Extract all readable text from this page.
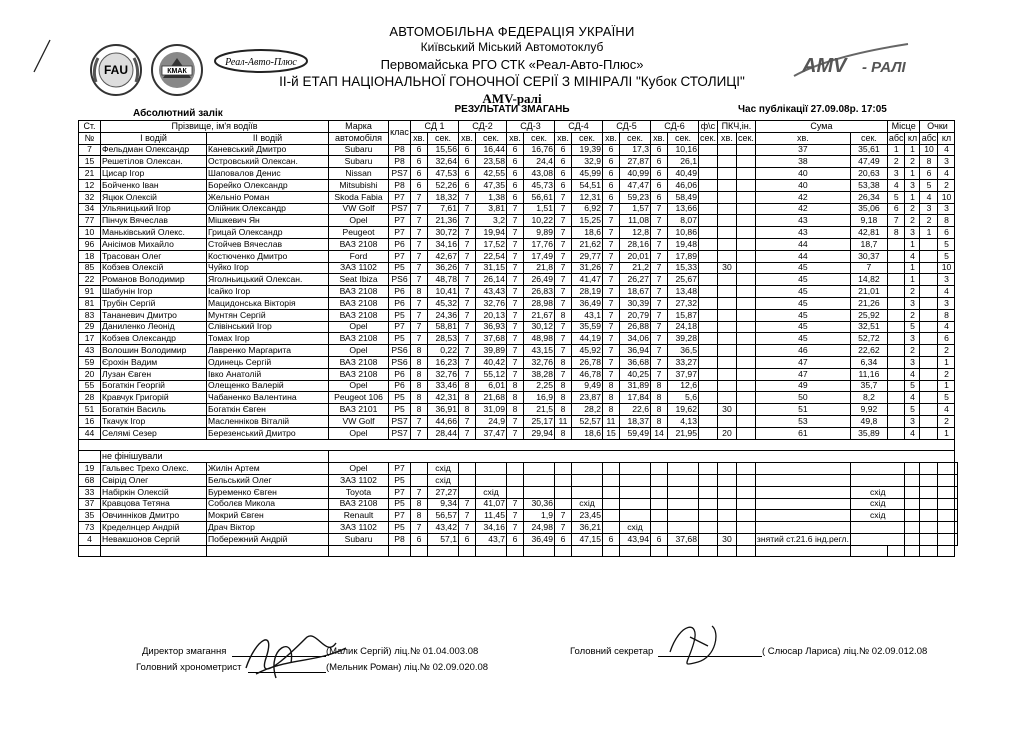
FAU	КМАК
Реал-Авто-Плюс	АМV - РАЛІ
АВТОМОБІЛЬНА ФЕДЕРАЦІЯ УКРАЇНИ
Київський Міський Автомотоклуб
Первомайська РГО СТК «Реал-Авто-Плюс»
ІІ-й ЕТАП НАЦІОНАЛЬНОЇ ГОНОЧНОЇ СЕРІЇ З МІНІРАЛІ "Кубок СТОЛИЦІ"
AMV-ралі
РЕЗУЛЬТАТИ ЗМАГАНЬ
Абсолютний залік	Час публікації 27.09.08р. 17:05
Ст.	Прізвище, ім'я водіїв		Марка	клас	СД 1		СД-2		СД-3		СД-4		СД-5		СД-6		ф\с	ПКЧ,ін.		Сума		Місце		Очки		
№	І водій	ІІ водій	автомобіля		хв.	сек.	хв.	сек.	хв.	сек.	хв.	сек.	хв.	сек.	хв.	сек.	сек.	хв.	сек.	хв.	сек.	абс	кл	абс	кл	
7	Фельдман Олександр	Каневський Дмитро	Subaru	P8	6	15,56	6	16,44	6	16,76	6	19,39	6	17,3	6	10,16				37	35,61	1	1	10	4	
15	Решетілов Олексан.	Островський Олексан.	Subaru	P8	6	32,64	6	23,58	6	24,4	6	32,9	6	27,87	6	26,1				38	47,49	2	2	8	3	
21	Цисар Ігор	Шаповалов Денис	Nissan	PS7	6	47,53	6	42,55	6	43,08	6	45,99	6	40,99	6	40,49				40	20,63	3	1	6	4	
12	Бойченко Іван	Борейко Олександр	Mitsubishi	P8	6	52,26	6	47,35	6	45,73	6	54,51	6	47,47	6	46,06				40	53,38	4	3	5	2	
32	Яцюк Олексій	Жельнio Роман	Skoda Fabia	P7	7	18,32	7	1,38	6	56,61	7	12,31	6	59,23	6	58,49				42	26,34	5	1	4	10	
34	Ульяницький Ігор	Олійник Олександр	VW Golf	PS7	7	7,61	7	3,81	7	1,51	7	6,92	7	1,57	7	13,66				42	35,06	6	2	3	3	
77	Пінчук Вячеслав	Мішкевич Ян	Opel	P7	7	21,36	7	3,2	7	10,22	7	15,25	7	11,08	7	8,07				43	9,18	7	2	2	8	
10	Маньківський Олекс.	Грицай Олександр	Peugeot	P7	7	30,72	7	19,94	7	9,89	7	18,6	7	12,8	7	10,86				43	42,81	8	3	1	6	
96	Анісімов Михайло	Стойчев Вячеслав	ВАЗ 2108	P6	7	34,16	7	17,52	7	17,76	7	21,62	7	28,16	7	19,48				44	18,7		1		5	
18	Трасован Олег	Костюченко Дмитро	Ford	P7	7	42,67	7	22,54	7	17,49	7	29,77	7	20,01	7	17,89				44	30,37		4		5	
85	Кобзев Олексій	Чуйко Ігор	ЗАЗ 1102	P5	7	36,26	7	31,15	7	21,8	7	31,26	7	21,2	7	15,33		30		45	7		1		10	
22	Романов Володимир	Яголньицький Олексан.	Seat Ibiza	PS6	7	48,78	7	26,14	7	26,49	7	41,47	7	26,27	7	25,67				45	14,82		1		3	
91	Шабунін Ігор	Ісайко Ігор	ВАЗ 2108	P6	8	10,41	7	43,43	7	26,83	7	28,19	7	18,67	7	13,48				45	21,01		2		4	
81	Трубін Сергій	Мацидонська Вікторія	ВАЗ 2108	P6	7	45,32	7	32,76	7	28,98	7	36,49	7	30,39	7	27,32				45	21,26		3		3	
83	Тананевич Дмитро	Мунтян Сергій	ВАЗ 2108	P5	7	24,36	7	20,13	7	21,67	8	43,1	7	20,79	7	15,87				45	25,92		2		8	
29	Даниленко Леонід	Слівінський Ігор	Opel	P7	7	58,81	7	36,93	7	30,12	7	35,59	7	26,88	7	24,18				45	32,51		5		4	
17	Кобзев Олександр	Томах Ігор	ВАЗ 2108	P5	7	28,53	7	37,68	7	48,98	7	44,19	7	34,06	7	39,28				45	52,72		3		6	
43	Волошин Володимир	Лавренко Маргарита	Opel	PS6	8	0,22	7	39,89	7	43,15	7	45,92	7	36,94	7	36,5				46	22,62		2		2	
59	Єрохін Вадим	Одинець Сергій	ВАЗ 2108	PS6	8	16,23	7	40,42	7	32,76	8	26,78	7	36,68	7	33,27				47	6,34		3		1	
20	Лузан Євген	Івко Анатолій	ВАЗ 2108	P6	8	32,76	7	55,12	7	38,28	7	46,78	7	40,25	7	37,97				47	11,16		4		2	
55	Богаткін Георгій	Олещенко Валерій	Opel	P6	8	33,46	8	6,01	8	2,25	8	9,49	8	31,89	8	12,6				49	35,7		5		1	
28	Кравчук Григорій	Чабаненко Валентина	Peugeot 106	P5	8	42,31	8	21,68	8	16,9	8	23,87	8	17,84	8	5,6				50	8,2		4		5	
51	Богаткін Василь	Богаткін Євген	ВАЗ 2101	P5	8	36,91	8	31,09	8	21,5	8	28,2	8	22,6	8	19,62		30		51	9,92		5		4	
16	Ткачук Ігор	Масленніков Віталій	VW Golf	PS7	7	44,66	7	24,9	7	25,17	11	52,57	11	18,37	8	4,13				53	49,8		3		2	
44	Селямі Сезер	Березенський Дмитро	Opel	PS7	7	28,44	7	37,47	7	29,94	8	18,6	15	59,49	14	21,95		20		61	35,89		4		1	

	не фінішували																									
19	Гальвес Трехо Олекс.	Жилін Артем	Opel	P7		схід																				
68	Свірід Олег	Бельський Олег	ЗАЗ 1102	P5		схід																				
33	Набіркін Олексій	Буременко Євген	Toyota	P7	7	27,27		схід													схід					
37	Кравцова Тетяна	Соболєв Микола	ВАЗ 2108	P5	8	9,34	7	41,07	7	30,36		схід									схід					
35	Овчинніков Дмитро	Мокрий Євген	Renault	P7	8	56,57	7	11,45	7	1,9	7	23,45									схід					
73	Кределнцер Андрій	Драч Віктор	ЗАЗ 1102	P5	7	43,42	7	34,16	7	24,98	7	36,21		схід												
4	Невакшонов Сергій	Побережний Андрій	Subaru	P8	6	57,1	6	43,7	6	36,49	6	47,15	6	43,94	6	37,68		30		знятий ст.21.6 інд.регл.						

Директор змагання	(Малик Сергій) ліц.№ 01.04.003.08
Головний хронометрист	(Мельник Роман) ліц.№ 02.09.020.08
Головний секретар	( Слюсар Лариса) ліц.№ 02.09.012.08
